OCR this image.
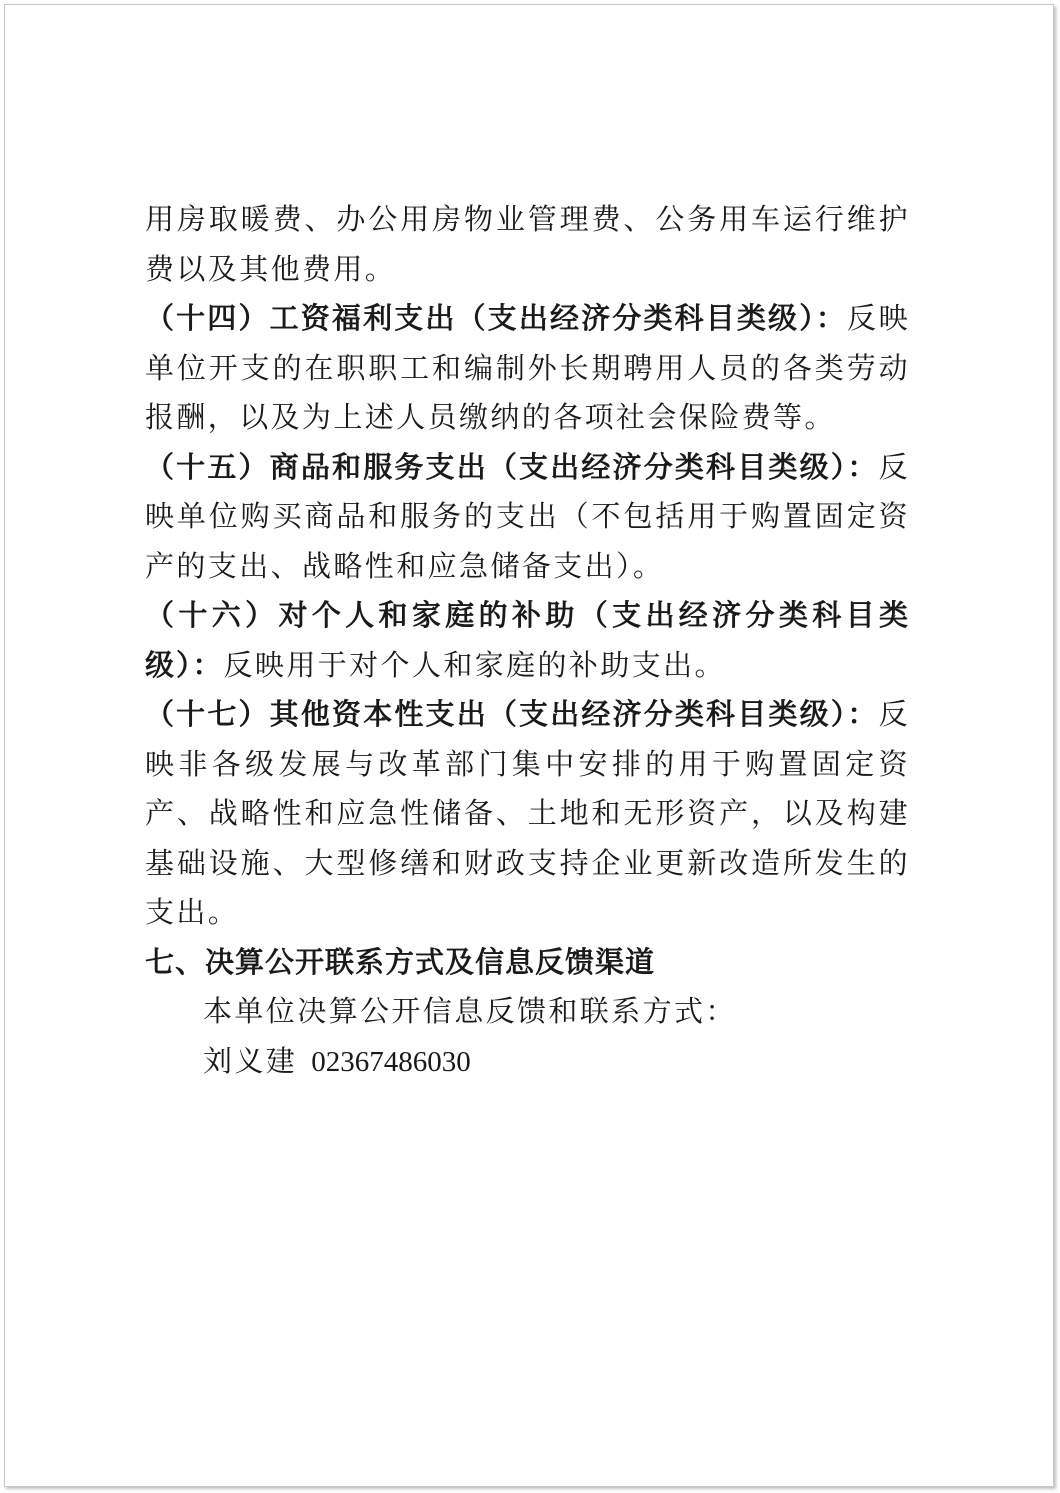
用房取暖费、办公用房物业管理费、公务用车运行维护费以及其他费用。

（十四）工资福利支出（支出经济分类科目类级）：反映单位开支的在职职工和编制外长期聘用人员的各类劳动报酬，以及为上述人员缴纳的各项社会保险费等。

（十五）商品和服务支出（支出经济分类科目类级）：反映单位购买商品和服务的支出（不包括用于购置固定资产的支出、战略性和应急储备支出）。

（十六）对个人和家庭的补助（支出经济分类科目类级）：反映用于对个人和家庭的补助支出。

（十七）其他资本性支出（支出经济分类科目类级）：反映非各级发展与改革部门集中安排的用于购置固定资产、战略性和应急性储备、土地和无形资产，以及构建基础设施、大型修缮和财政支持企业更新改造所发生的支出。

七、决算公开联系方式及信息反馈渠道

本单位决算公开信息反馈和联系方式：

刘义建 02367486030
